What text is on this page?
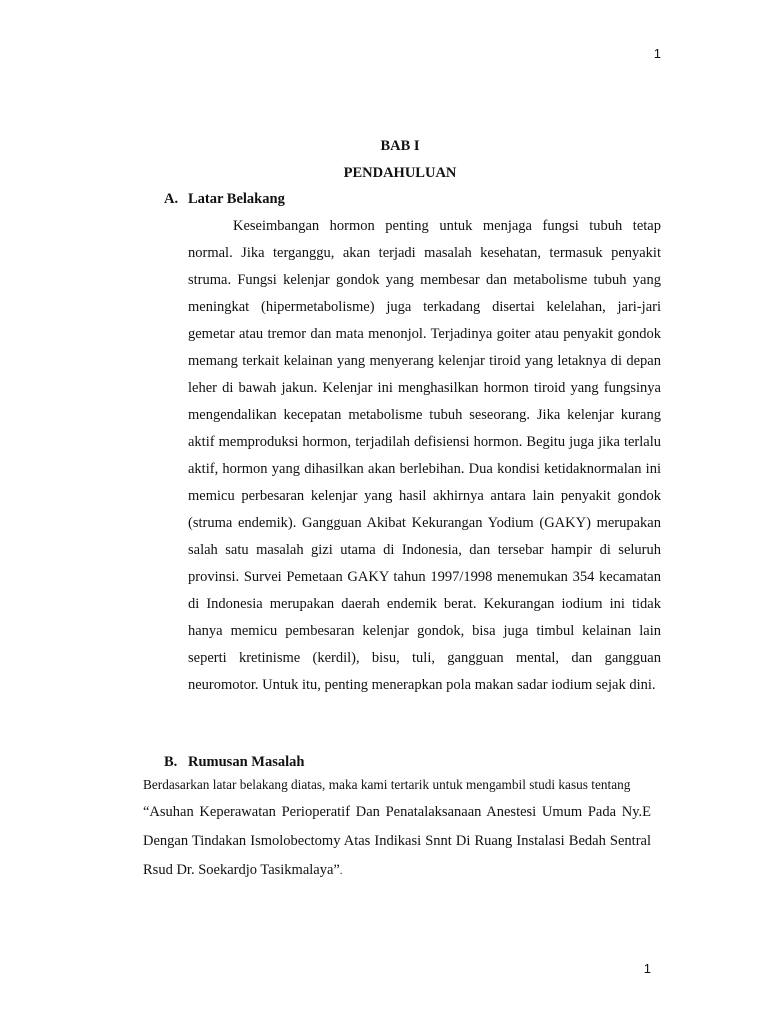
1
BAB I
PENDAHULUAN
A. Latar Belakang

Keseimbangan hormon penting untuk menjaga fungsi tubuh tetap normal. Jika terganggu, akan terjadi masalah kesehatan, termasuk penyakit struma. Fungsi kelenjar gondok yang membesar dan metabolisme tubuh yang meningkat (hipermetabolisme) juga terkadang disertai kelelahan, jari-jari gemetar atau tremor dan mata menonjol. Terjadinya goiter atau penyakit gondok memang terkait kelainan yang menyerang kelenjar tiroid yang letaknya di depan leher di bawah jakun. Kelenjar ini menghasilkan hormon tiroid yang fungsinya mengendalikan kecepatan metabolisme tubuh seseorang. Jika kelenjar kurang aktif memproduksi hormon, terjadilah defisiensi hormon. Begitu juga jika terlalu aktif, hormon yang dihasilkan akan berlebihan. Dua kondisi ketidaknormalan ini memicu perbesaran kelenjar yang hasil akhirnya antara lain penyakit gondok (struma endemik). Gangguan Akibat Kekurangan Yodium (GAKY) merupakan salah satu masalah gizi utama di Indonesia, dan tersebar hampir di seluruh provinsi. Survei Pemetaan GAKY tahun 1997/1998 menemukan 354 kecamatan di Indonesia merupakan daerah endemik berat. Kekurangan iodium ini tidak hanya memicu pembesaran kelenjar gondok, bisa juga timbul kelainan lain seperti kretinisme (kerdil), bisu, tuli, gangguan mental, dan gangguan neuromotor. Untuk itu, penting menerapkan pola makan sadar iodium sejak dini.

B. Rumusan Masalah

Berdasarkan latar belakang diatas, maka kami tertarik untuk mengambil studi kasus tentang

“Asuhan Keperawatan Perioperatif Dan Penatalaksanaan Anestesi Umum Pada Ny.E Dengan Tindakan Ismolobectomy Atas Indikasi Snnt Di Ruang Instalasi Bedah Sentral Rsud Dr. Soekardjo Tasikmalaya”.

1
